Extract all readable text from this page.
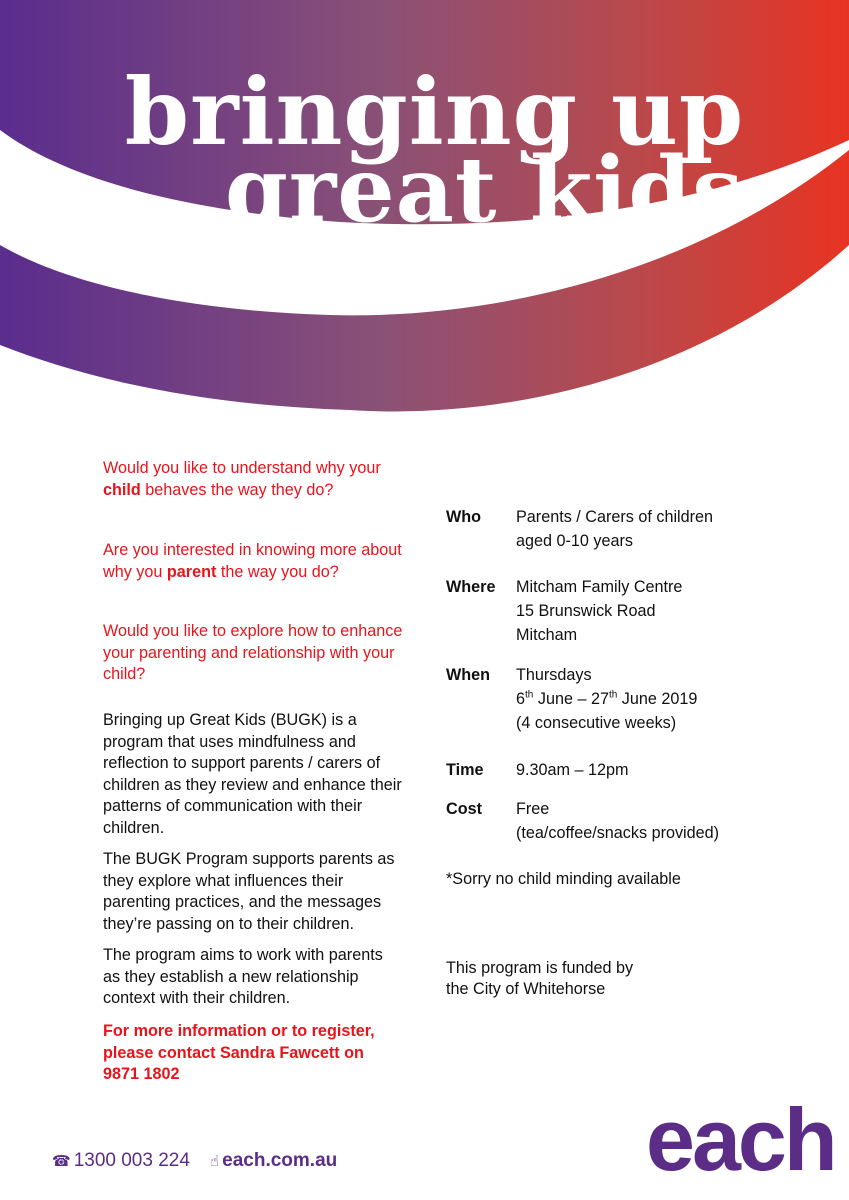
bringing up
great kids

Would you like to understand why your child behaves the way they do?

Are you interested in knowing more about why you parent the way you do?

Would you like to explore how to enhance your parenting and relationship with your child?

Bringing up Great Kids (BUGK) is a program that uses mindfulness and reflection to support parents / carers of children as they review and enhance their patterns of communication with their children.

The BUGK Program supports parents as they explore what influences their parenting practices, and the messages they’re passing on to their children.

The program aims to work with parents as they establish a new relationship context with their children.

For more information or to register, please contact Sandra Fawcett on 9871 1802

Who	Parents / Carers of children
aged 0-10 years
Where	Mitcham Family Centre
15 Brunswick Road
Mitcham
When	Thursdays
6th June – 27th June 2019
(4 consecutive weeks)
Time	9.30am – 12pm
Cost	Free
(tea/coffee/snacks provided)

*Sorry no child minding available

This program is funded by

the City of Whitehorse

☎ 1300 003 224 ☝ each.com.au	each
